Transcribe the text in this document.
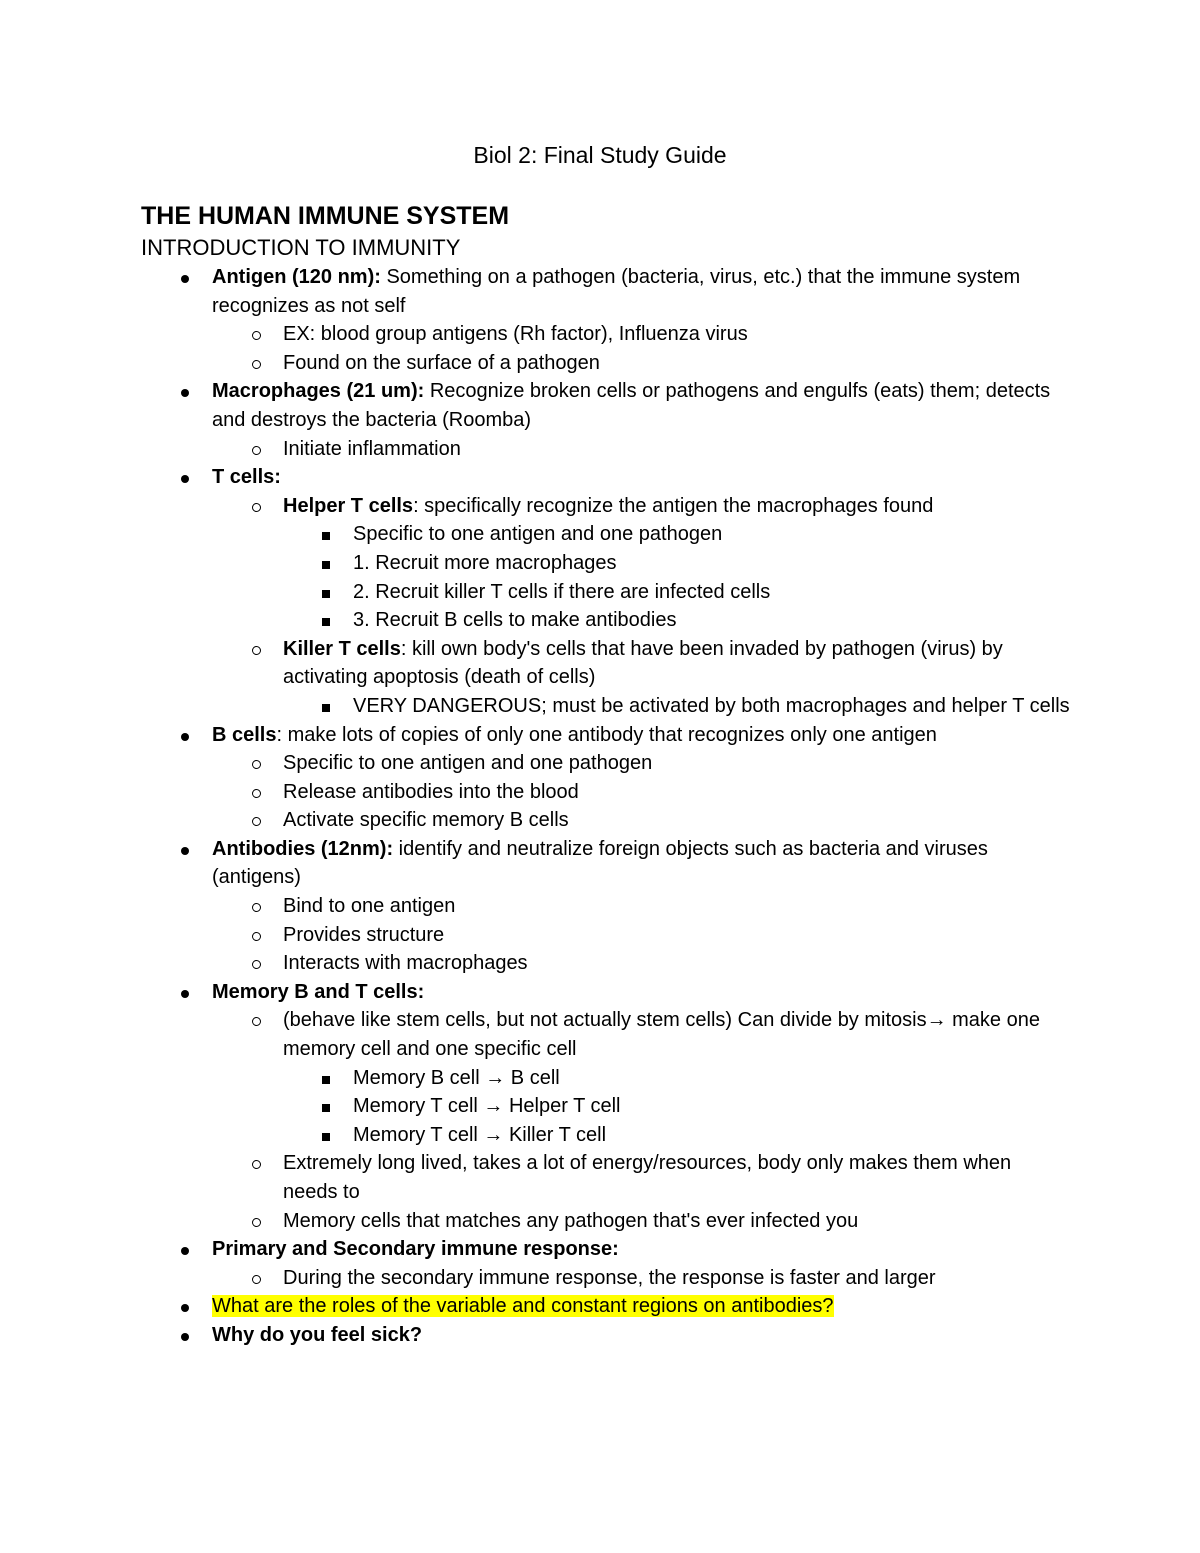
Biol 2: Final Study Guide
THE HUMAN IMMUNE SYSTEM
INTRODUCTION TO IMMUNITY
Antigen (120 nm): Something on a pathogen (bacteria, virus, etc.) that the immune system recognizes as not self
EX: blood group antigens (Rh factor), Influenza virus
Found on the surface of a pathogen
Macrophages (21 um): Recognize broken cells or pathogens and engulfs (eats) them; detects and destroys the bacteria (Roomba)
Initiate inflammation
T cells:
Helper T cells: specifically recognize the antigen the macrophages found
Specific to one antigen and one pathogen
1. Recruit more macrophages
2. Recruit killer T cells if there are infected cells
3. Recruit B cells to make antibodies
Killer T cells: kill own body's cells that have been invaded by pathogen (virus) by activating apoptosis (death of cells)
VERY DANGEROUS; must be activated by both macrophages and helper T cells
B cells: make lots of copies of only one antibody that recognizes only one antigen
Specific to one antigen and one pathogen
Release antibodies into the blood
Activate specific memory B cells
Antibodies (12nm): identify and neutralize foreign objects such as bacteria and viruses (antigens)
Bind to one antigen
Provides structure
Interacts with macrophages
Memory B and T cells:
(behave like stem cells, but not actually stem cells) Can divide by mitosis→ make one memory cell and one specific cell
Memory B cell → B cell
Memory T cell → Helper T cell
Memory T cell → Killer T cell
Extremely long lived, takes a lot of energy/resources, body only makes them when needs to
Memory cells that matches any pathogen that's ever infected you
Primary and Secondary immune response:
During the secondary immune response, the response is faster and larger
What are the roles of the variable and constant regions on antibodies?
Why do you feel sick?
